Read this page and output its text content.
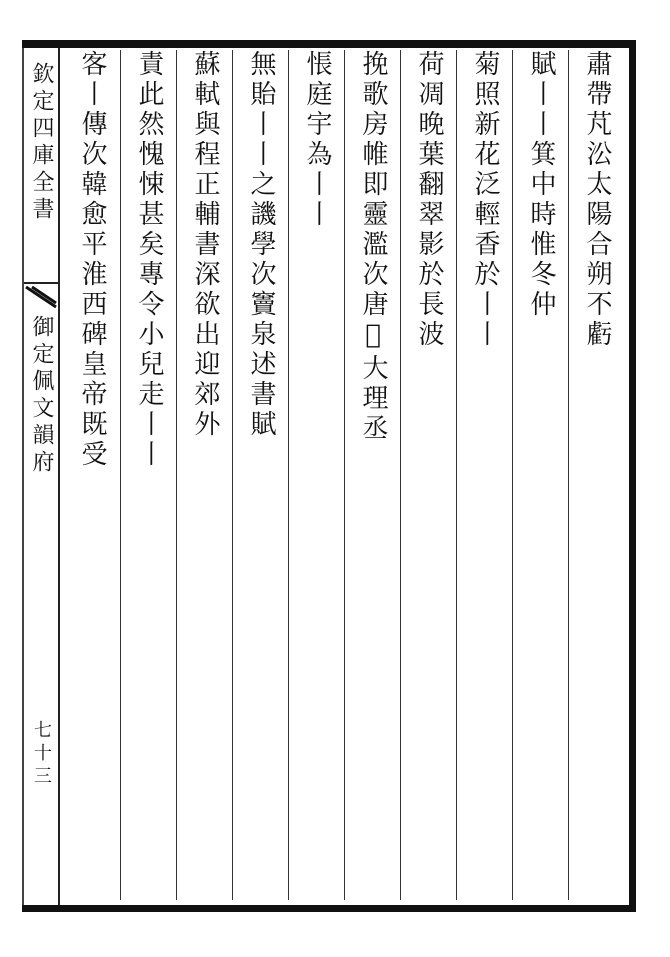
欽定四庫全書
御定佩文韻府
七十三
肅帶芃㳂太陽合朔不虧
賦丨丨箕中時惟冬仲
菊照新花泛輕香於丨丨
荷凋晚葉翻翠影於長波
挽歌房帷即靈濫次唐𢧐大理丞
悵庭宇為丨丨
無貽丨丨之譏學次竇泉述書賦
蘇軾與程正輔書深欲出迎郊外
責此然愧悚甚矣專令小兒走丨丨
客丨傳次韓愈平淮西碑皇帝既受
